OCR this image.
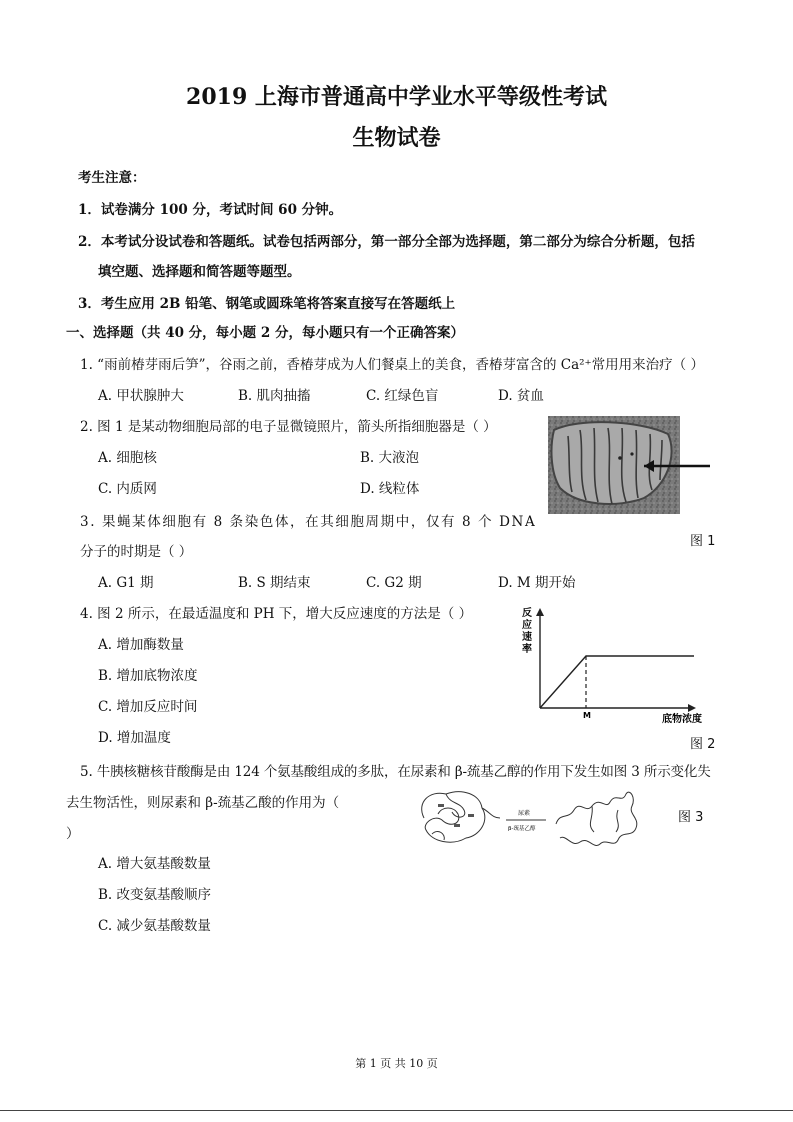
2019 上海市普通高中学业水平等级性考试
生物试卷
考生注意：
1．试卷满分 100 分，考试时间 60 分钟。
2．本考试分设试卷和答题纸。试卷包括两部分，第一部分全部为选择题，第二部分为综合分析题，包括
填空题、选择题和简答题等题型。
3．考生应用 2B 铅笔、钢笔或圆珠笔将答案直接写在答题纸上
一、选择题（共 40 分，每小题 2 分，每小题只有一个正确答案）
1. “雨前椿芽雨后笋”，谷雨之前，香椿芽成为人们餐桌上的美食，香椿芽富含的 Ca²⁺常用用来治疗（ ）
A. 甲状腺肿大	B. 肌肉抽搐	C. 红绿色盲	D. 贫血
2. 图 1 是某动物细胞局部的电子显微镜照片，箭头所指细胞器是（ ）
A. 细胞核	B. 大液泡
C. 内质网	D. 线粒体
图 1
3. 果蝇某体细胞有 8 条染色体，在其细胞周期中，仅有 8 个 DNA
分子的时期是（ ）
A. G1 期	B. S 期结束	C. G2 期	D. M 期开始
4. 图 2 所示，在最适温度和 PH 下，增大反应速度的方法是（ ）
A. 增加酶数量
B. 增加底物浓度
C. 增加反应时间
D. 增加温度
反
应
速
率
M	底物浓度
图 2
5. 牛胰核糖核苷酸酶是由 124 个氨基酸组成的多肽，在尿素和 β-巯基乙醇的作用下发生如图 3 所示变化失
去生物活性，则尿素和 β-巯基乙酸的作用为（
）
A. 增大氨基酸数量
B. 改变氨基酸顺序
C. 减少氨基酸数量
尿素
β-巯基乙醇
图 3
第 1 页 共 10 页
